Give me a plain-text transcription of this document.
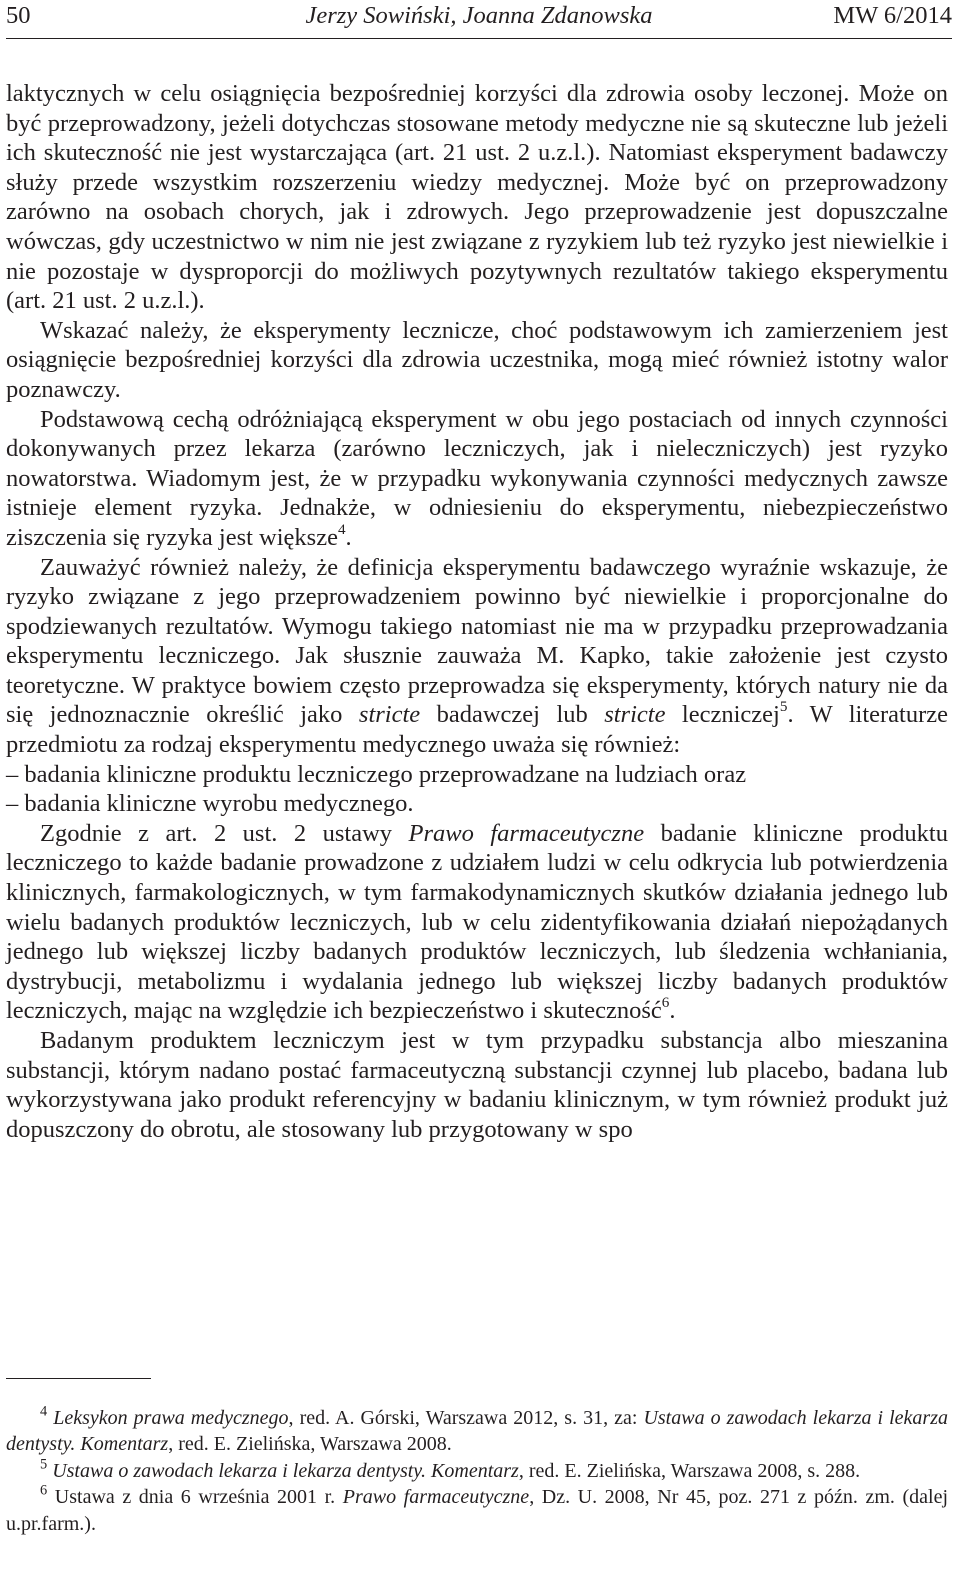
50	Jerzy Sowiński, Joanna Zdanowska	MW 6/2014

laktycznych w celu osiągnięcia bezpośredniej korzyści dla zdrowia osoby leczonej. Może on być przeprowadzony, jeżeli dotychczas stosowane metody medyczne nie są skuteczne lub jeżeli ich skuteczność nie jest wystarczająca (art. 21 ust. 2 u.z.l.). Natomiast eksperyment badawczy służy przede wszystkim rozszerzeniu wiedzy medycznej. Może być on przeprowadzony zarówno na osobach chorych, jak i zdrowych. Jego przeprowadzenie jest dopuszczalne wówczas, gdy uczestnictwo w nim nie jest związane z ryzykiem lub też ryzyko jest niewielkie i nie pozostaje w dysproporcji do możliwych pozytywnych rezultatów takiego eksperymentu (art. 21 ust. 2 u.z.l.).

Wskazać należy, że eksperymenty lecznicze, choć podstawowym ich zamierzeniem jest osiągnięcie bezpośredniej korzyści dla zdrowia uczestnika, mogą mieć również istotny walor poznawczy.

Podstawową cechą odróżniającą eksperyment w obu jego postaciach od innych czynności dokonywanych przez lekarza (zarówno leczniczych, jak i nieleczniczych) jest ryzyko nowatorstwa. Wiadomym jest, że w przypadku wykonywania czynności medycznych zawsze istnieje element ryzyka. Jednakże, w odniesieniu do eksperymentu, niebezpieczeństwo ziszczenia się ryzyka jest większe$^4$.

Zauważyć również należy, że definicja eksperymentu badawczego wyraźnie wskazuje, że ryzyko związane z jego przeprowadzeniem powinno być niewielkie i proporcjonalne do spodziewanych rezultatów. Wymogu takiego natomiast nie ma w przypadku przeprowadzania eksperymentu leczniczego. Jak słusznie zauważa M. Kapko, takie założenie jest czysto teoretyczne. W praktyce bowiem często przeprowadza się eksperymenty, których natury nie da się jednoznacznie określić jako stricte badawczej lub stricte leczniczej$^5$. W literaturze przedmiotu za rodzaj eksperymentu medycznego uważa się również:

– badania kliniczne produktu leczniczego przeprowadzane na ludziach oraz
– badania kliniczne wyrobu medycznego.

Zgodnie z art. 2 ust. 2 ustawy Prawo farmaceutyczne badanie kliniczne produktu leczniczego to każde badanie prowadzone z udziałem ludzi w celu odkrycia lub potwierdzenia klinicznych, farmakologicznych, w tym farmakodynamicznych skutków działania jednego lub wielu badanych produktów leczniczych, lub w celu zidentyfikowania działań niepożądanych jednego lub większej liczby badanych produktów leczniczych, lub śledzenia wchłaniania, dystrybucji, metabolizmu i wydalania jednego lub większej liczby badanych produktów leczniczych, mając na względzie ich bezpieczeństwo i skuteczność$^6$.

Badanym produktem leczniczym jest w tym przypadku substancja albo mieszanina substancji, którym nadano postać farmaceutyczną substancji czynnej lub placebo, badana lub wykorzystywana jako produkt referencyjny w badaniu klinicznym, w tym również produkt już dopuszczony do obrotu, ale stosowany lub przygotowany w spo

$^4$ Leksykon prawa medycznego, red. A. Górski, Warszawa 2012, s. 31, za: Ustawa o zawodach lekarza i lekarza dentysty. Komentarz, red. E. Zielińska, Warszawa 2008.

$^5$ Ustawa o zawodach lekarza i lekarza dentysty. Komentarz, red. E. Zielińska, Warszawa 2008, s. 288.

$^6$ Ustawa z dnia 6 września 2001 r. Prawo farmaceutyczne, Dz. U. 2008, Nr 45, poz. 271 z późn. zm. (dalej u.pr.farm.).
